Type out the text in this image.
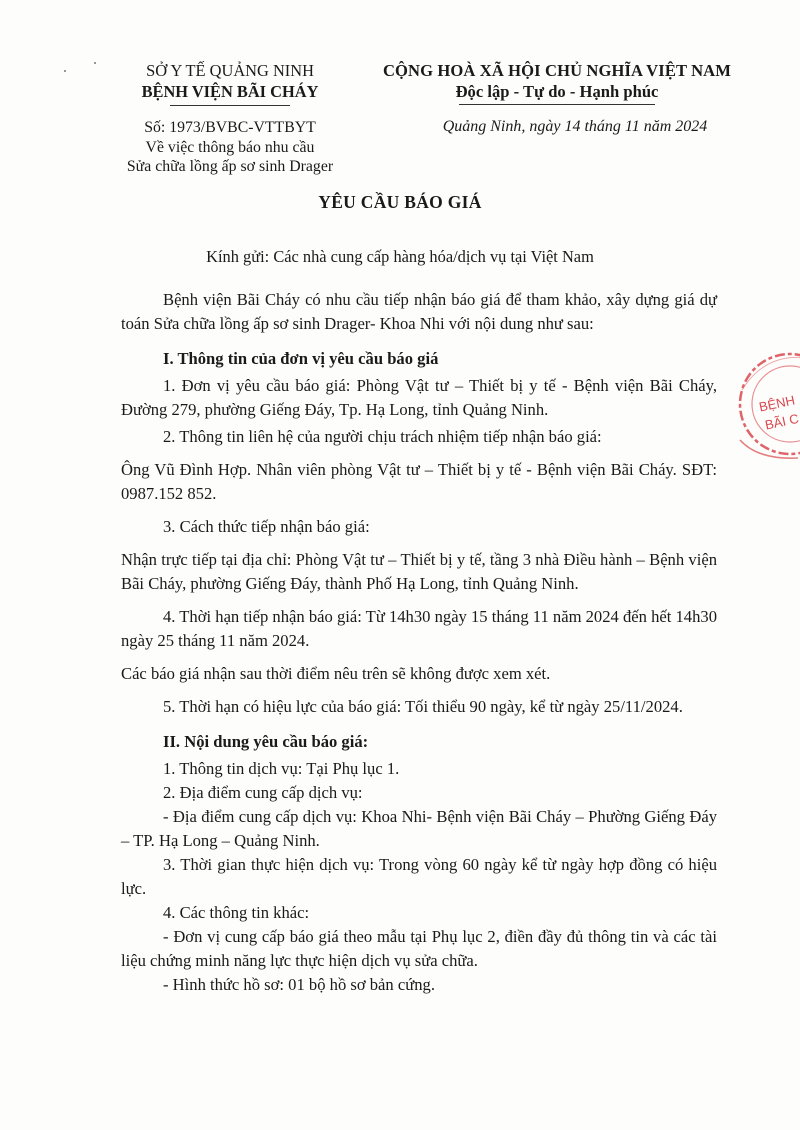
SỞ Y TẾ QUẢNG NINH
BỆNH VIỆN BÃI CHÁY
CỘNG HOÀ XÃ HỘI CHỦ NGHĨA VIỆT NAM
Độc lập - Tự do - Hạnh phúc
Số: 1973/BVBC-VTTBYT
Về việc thông báo nhu cầu
Sửa chữa lồng ấp sơ sinh Drager
Quảng Ninh, ngày 14 tháng 11 năm 2024
YÊU CẦU BÁO GIÁ
Kính gửi: Các nhà cung cấp hàng hóa/dịch vụ tại Việt Nam

Bệnh viện Bãi Cháy có nhu cầu tiếp nhận báo giá để tham khảo, xây dựng giá dự toán Sửa chữa lồng ấp sơ sinh Drager- Khoa Nhi với nội dung như sau:

I. Thông tin của đơn vị yêu cầu báo giá

1. Đơn vị yêu cầu báo giá: Phòng Vật tư – Thiết bị y tế - Bệnh viện Bãi Cháy, Đường 279, phường Giếng Đáy, Tp. Hạ Long, tỉnh Quảng Ninh.

2. Thông tin liên hệ của người chịu trách nhiệm tiếp nhận báo giá:

Ông Vũ Đình Hợp. Nhân viên phòng Vật tư – Thiết bị y tế - Bệnh viện Bãi Cháy. SĐT: 0987.152 852.

3. Cách thức tiếp nhận báo giá:

Nhận trực tiếp tại địa chỉ: Phòng Vật tư – Thiết bị y tế, tầng 3 nhà Điều hành – Bệnh viện Bãi Cháy, phường Giếng Đáy, thành Phố Hạ Long, tỉnh Quảng Ninh.

4. Thời hạn tiếp nhận báo giá: Từ 14h30 ngày 15 tháng 11 năm 2024 đến hết 14h30 ngày 25 tháng 11 năm 2024.

Các báo giá nhận sau thời điểm nêu trên sẽ không được xem xét.

5. Thời hạn có hiệu lực của báo giá: Tối thiểu 90 ngày, kể từ ngày 25/11/2024.

II. Nội dung yêu cầu báo giá:

1. Thông tin dịch vụ: Tại Phụ lục 1.

2. Địa điểm cung cấp dịch vụ:

- Địa điểm cung cấp dịch vụ: Khoa Nhi- Bệnh viện Bãi Cháy – Phường Giếng Đáy – TP. Hạ Long – Quảng Ninh.

3. Thời gian thực hiện dịch vụ: Trong vòng 60 ngày kể từ ngày hợp đồng có hiệu lực.

4. Các thông tin khác:

- Đơn vị cung cấp báo giá theo mẫu tại Phụ lục 2, điền đầy đủ thông tin và các tài liệu chứng minh năng lực thực hiện dịch vụ sửa chữa.

- Hình thức hồ sơ: 01 bộ hồ sơ bản cứng.

BỆNH
BÃI C
